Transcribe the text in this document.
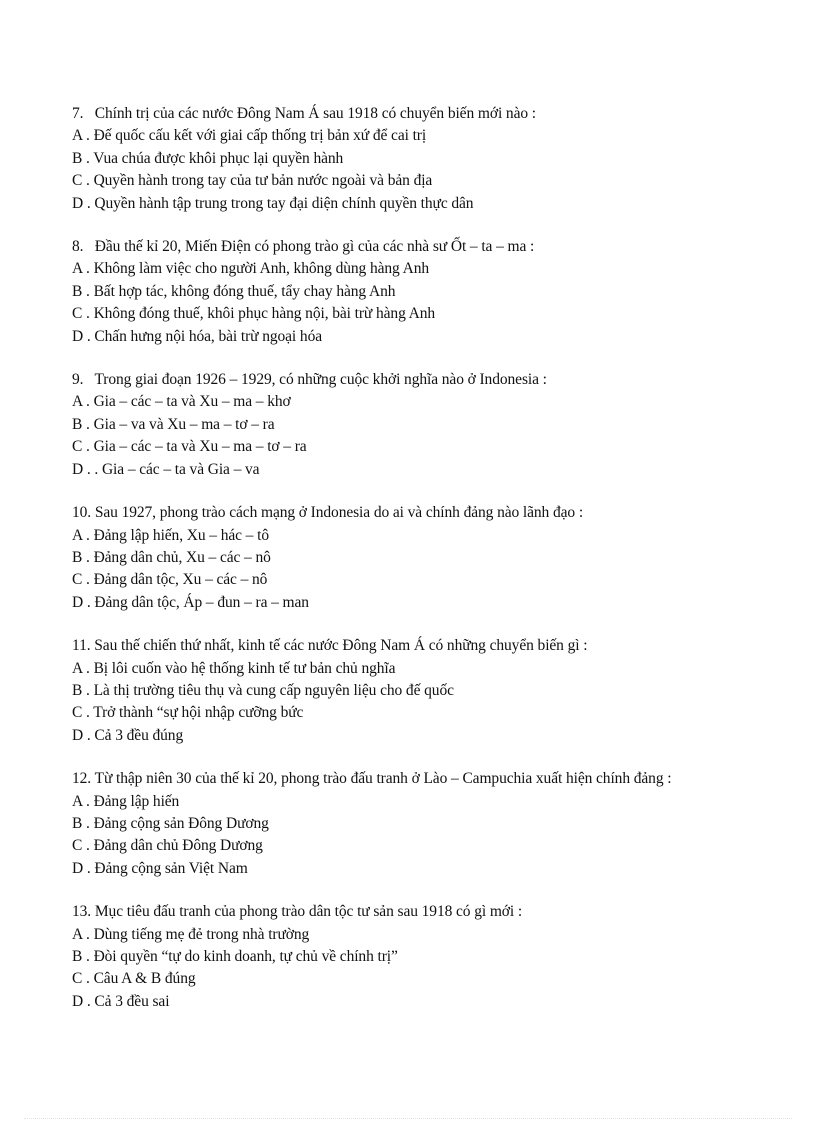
7. Chính trị của các nước Đông Nam Á sau 1918 có chuyển biến mới nào :
A . Đế quốc cấu kết với giai cấp thống trị bản xứ để cai trị
B . Vua chúa được khôi phục lại quyền hành
C . Quyền hành trong tay của tư bản nước ngoài và bản địa
D . Quyền hành tập trung trong tay đại diện chính quyền thực dân
8. Đầu thế kỉ 20, Miến Điện có phong trào gì của các nhà sư Ốt – ta – ma :
A . Không làm việc cho người Anh, không dùng hàng Anh
B . Bất hợp tác, không đóng thuế, tẩy chay hàng Anh
C . Không đóng thuế, khôi phục hàng nội, bài trừ hàng Anh
D . Chấn hưng nội hóa, bài trừ ngoại hóa
9. Trong giai đoạn 1926 – 1929, có những cuộc khởi nghĩa nào ở Indonesia :
A . Gia – các – ta và Xu – ma – khơ
B . Gia – va và Xu – ma – tơ – ra
C . Gia – các – ta và Xu – ma – tơ – ra
D . . Gia – các – ta và Gia – va
10. Sau 1927, phong trào cách mạng ở Indonesia do ai và chính đảng nào lãnh đạo :
A . Đảng lập hiến, Xu – hác – tô
B . Đảng dân chủ, Xu – các – nô
C . Đảng dân tộc, Xu – các – nô
D . Đảng dân tộc, Áp – đun – ra – man
11. Sau thế chiến thứ nhất, kinh tế các nước Đông Nam Á có những chuyển biến gì :
A . Bị lôi cuốn vào hệ thống kinh tế tư bản chủ nghĩa
B . Là thị trường tiêu thụ và cung cấp nguyên liệu cho đế quốc
C . Trở thành “sự hội nhập cưỡng bức
D . Cả 3 đều đúng
12. Từ thập niên 30 của thế kỉ 20, phong trào đấu tranh ở Lào – Campuchia xuất hiện chính đảng :
A . Đảng lập hiến
B . Đảng cộng sản Đông Dương
C . Đảng dân chủ Đông Dương
D . Đảng cộng sản Việt Nam
13. Mục tiêu đấu tranh của phong trào dân tộc tư sản sau 1918 có gì mới :
A . Dùng tiếng mẹ đẻ trong nhà trường
B . Đòi quyền “tự do kinh doanh, tự chủ về chính trị”
C . Câu A & B đúng
D . Cả 3 đều sai
